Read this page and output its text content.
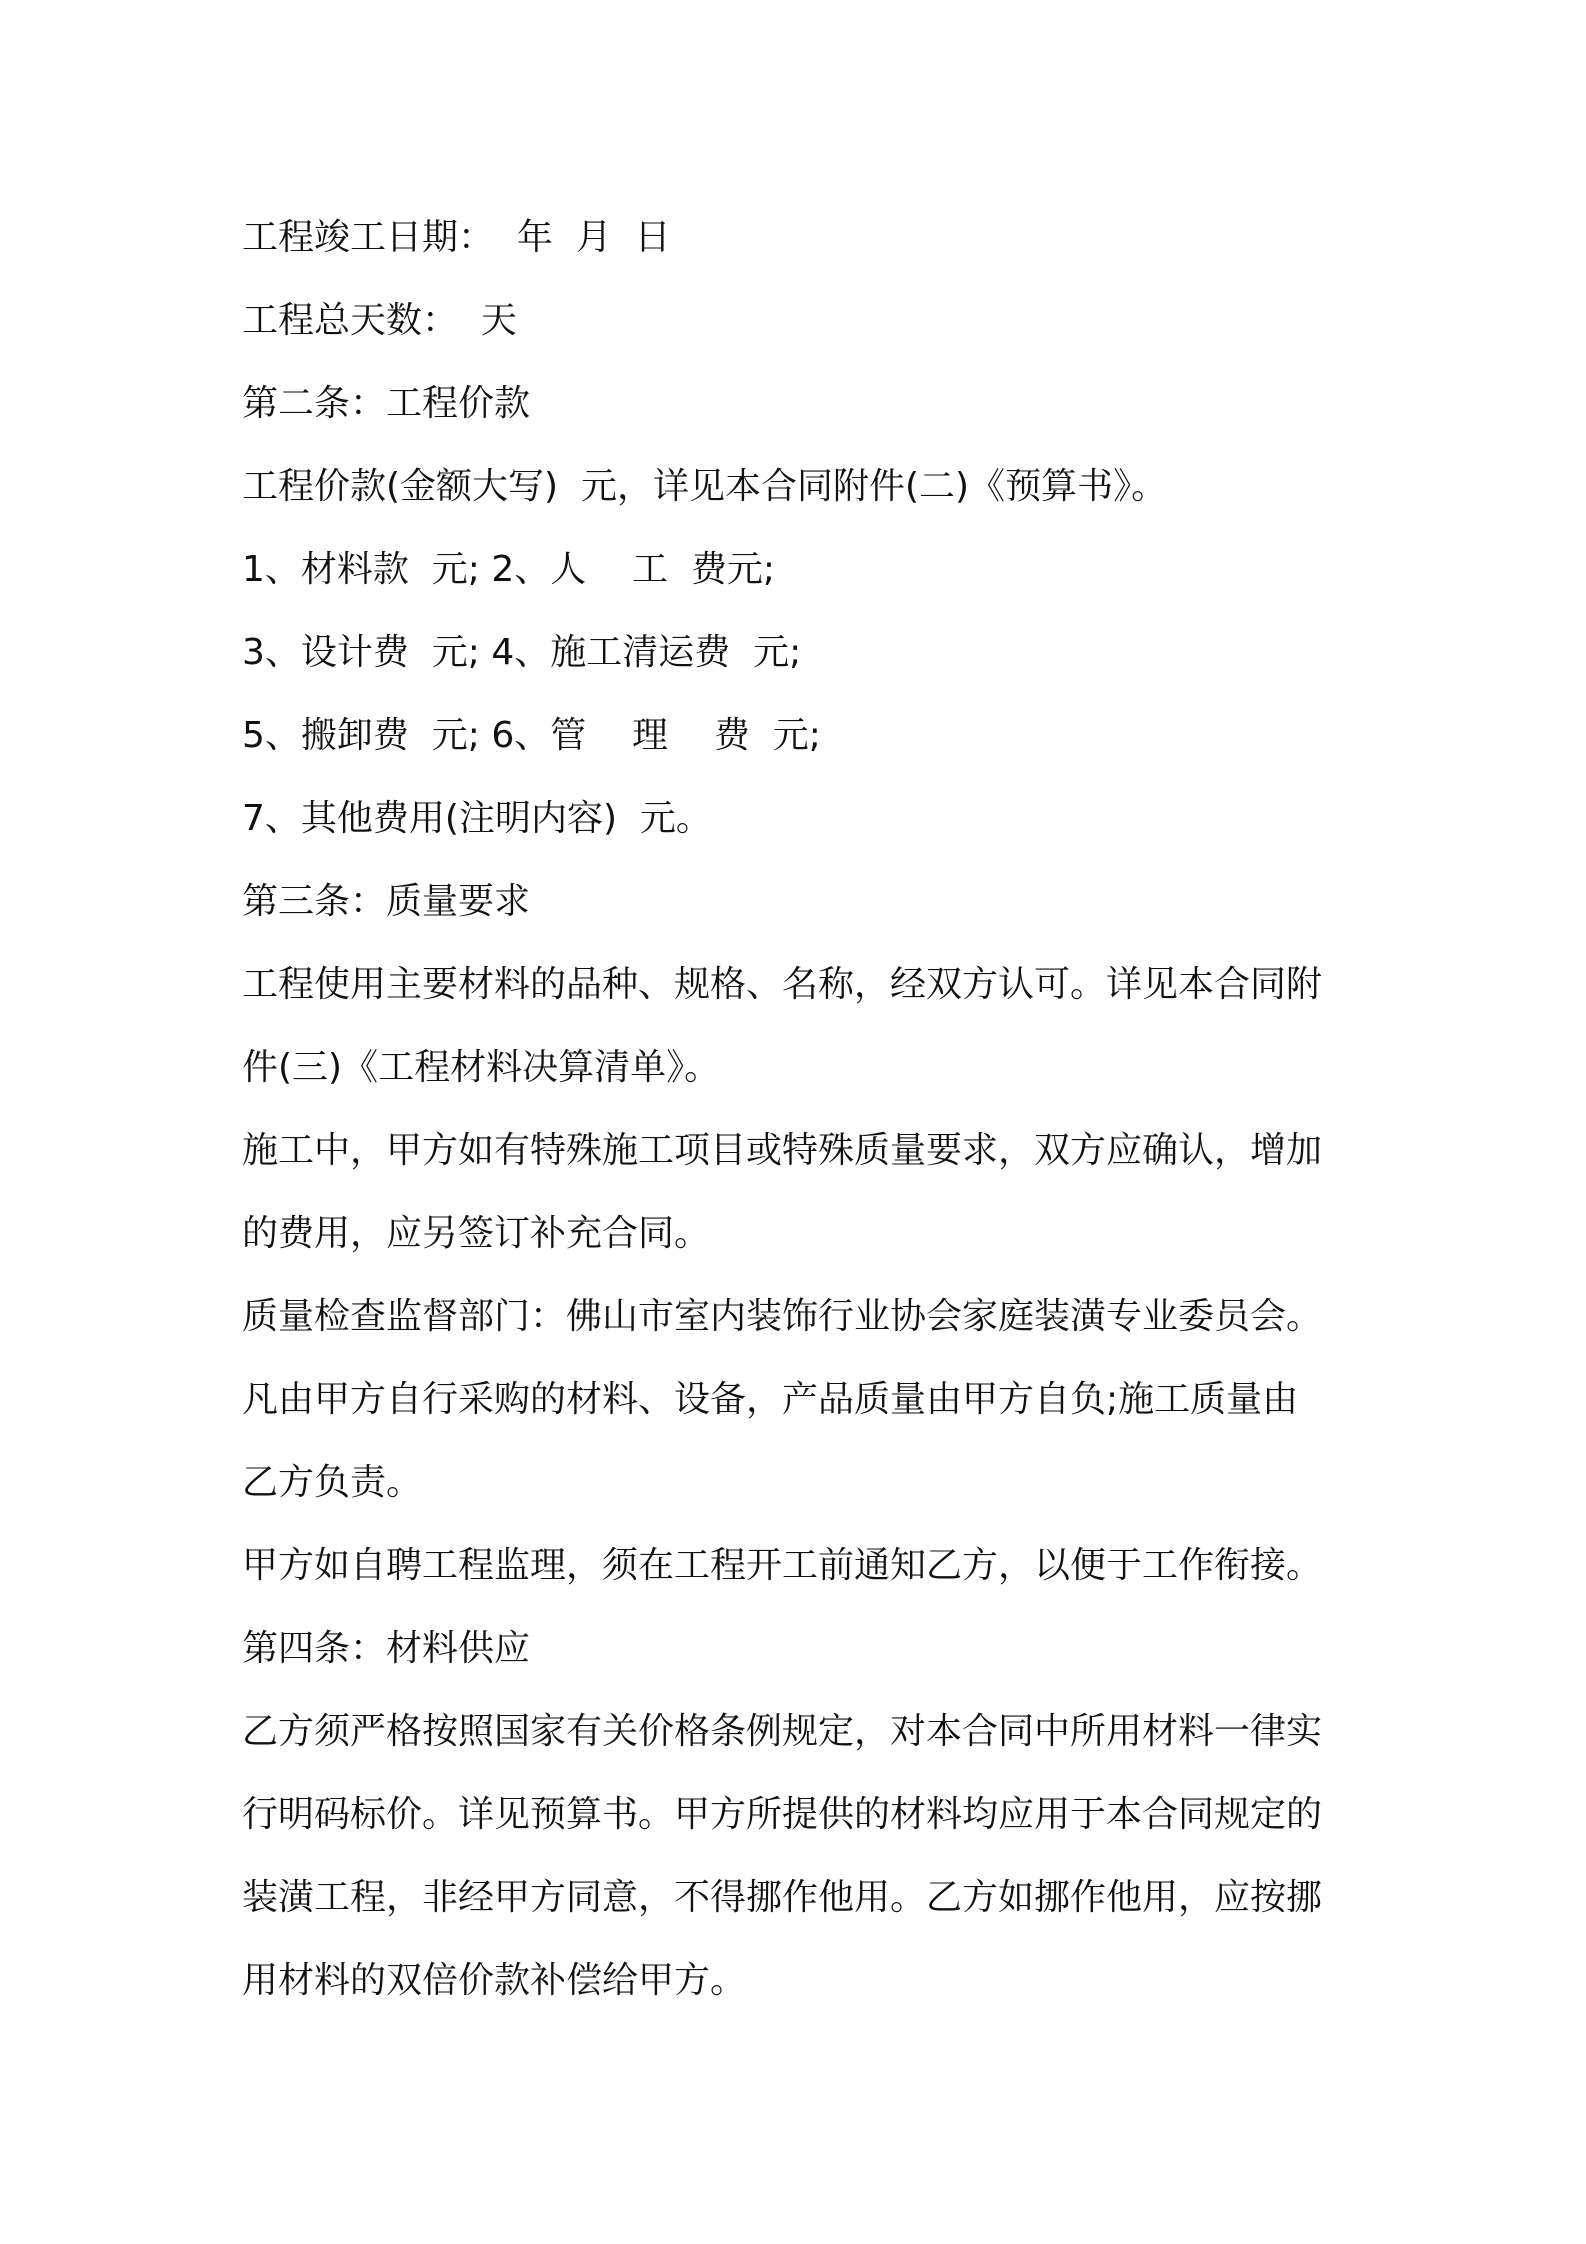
工程竣工日期：  年  月  日
工程总天数：  天
第二条：工程价款
工程价款(金额大写)  元，详见本合同附件(二)《预算书》。
1、材料款  元; 2、人    工  费元;
3、设计费  元; 4、施工清运费  元;
5、搬卸费  元; 6、管    理    费  元;
7、其他费用(注明内容)  元。
第三条：质量要求
工程使用主要材料的品种、规格、名称，经双方认可。详见本合同附
件(三)《工程材料决算清单》。
施工中，甲方如有特殊施工项目或特殊质量要求，双方应确认，增加
的费用，应另签订补充合同。
质量检查监督部门：佛山市室内装饰行业协会家庭装潢专业委员会。
凡由甲方自行采购的材料、设备，产品质量由甲方自负;施工质量由
乙方负责。
甲方如自聘工程监理，须在工程开工前通知乙方，以便于工作衔接。
第四条：材料供应
乙方须严格按照国家有关价格条例规定，对本合同中所用材料一律实
行明码标价。详见预算书。甲方所提供的材料均应用于本合同规定的
装潢工程，非经甲方同意，不得挪作他用。乙方如挪作他用，应按挪
用材料的双倍价款补偿给甲方。
